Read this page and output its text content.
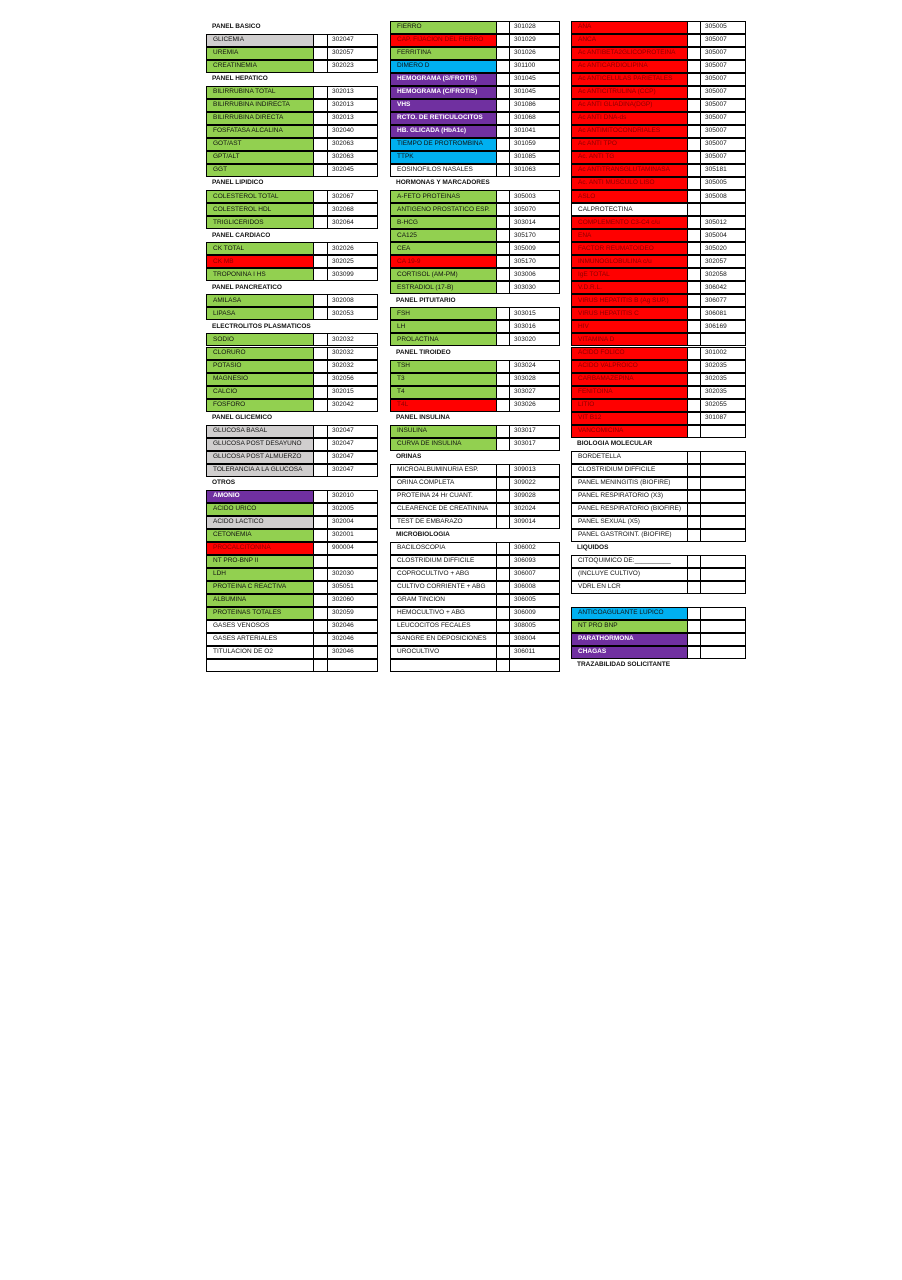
PANEL BASICO
GLICEMIA	302047
UREMIA	302057
CREATINEMIA	302023
PANEL HEPATICO
BILIRRUBINA TOTAL	302013
BILIRRUBINA INDIRECTA	302013
BILIRRUBINA DIRECTA	302013
FOSFATASA ALCALINA	302040
GOT/AST	302063
GPT/ALT	302063
GGT	302045
PANEL LIPIDICO
COLESTEROL TOTAL	302067
COLESTEROL HDL	302068
TRIGLICERIDOS	302064
PANEL CARDIACO
CK TOTAL	302026
CK MB	302025
TROPONINA I HS	303099
PANEL PANCREATICO
AMILASA	302008
LIPASA	302053
ELECTROLITOS PLASMATICOS
SODIO	302032
CLORURO	302032
POTASIO	302032
MAGNESIO	302056
CALCIO	302015
FOSFORO	302042
PANEL GLICEMICO
GLUCOSA BASAL	302047
GLUCOSA POST DESAYUNO	302047
GLUCOSA POST ALMUERZO	302047
TOLERANCIA A LA GLUCOSA	302047
OTROS
AMONIO	302010
ACIDO URICO	302005
ACIDO LACTICO	302004
CETONEMIA	302001
PROCALCITONINA	900004
NT PRO-BNP II
LDH	302030
PROTEINA C REACTIVA	305051
ALBUMINA	302060
PROTEINAS TOTALES	302059
GASES VENOSOS	302046
GASES ARTERIALES	302046
TITULACION DE O2	302046
FIERRO	301028
CAP. FIJACION DEL FIERRO	301029
FERRITINA	301026
DIMERO D	301100
HEMOGRAMA (S/FROTIS)	301045
HEMOGRAMA (C/FROTIS)	301045
VHS	301086
RCTO. DE RETICULOCITOS	301068
HB. GLICADA (HbA1c)	301041
TIEMPO DE PROTROMBINA	301059
TTPK	301085
EOSINOFILOS NASALES	301063
HORMONAS Y MARCADORES
A-FETO PROTEINAS	305003
ANTIGENO PROSTATICO ESP.	305070
B-HCG	303014
CA125	305170
CEA	305009
CA 19-9	305170
CORTISOL (AM-PM)	303006
ESTRADIOL (17-B)	303030
PANEL PITUITARIO
FSH	303015
LH	303016
PROLACTINA	303020
PANEL TIROIDEO
TSH	303024
T3	303028
T4	303027
T4L	303026
PANEL INSULINA
INSULINA	303017
CURVA DE INSULINA	303017
ORINAS
MICROALBUMINURIA ESP.	309013
ORINA COMPLETA	309022
PROTEINA 24 Hr CUANT.	309028
CLEARENCE DE CREATININA	302024
TEST DE EMBARAZO	309014
MICROBIOLOGIA
BACILOSCOPIA	306002
CLOSTRIDIUM DIFFICILE	306093
COPROCULTIVO + ABG	306007
CULTIVO CORRIENTE + ABG	306008
GRAM TINCION	306005
HEMOCULTIVO + ABG	306009
LEUCOCITOS FECALES	308005
SANGRE EN DEPOSICIONES	308004
UROCULTIVO	306011
ANA	305005
ANCA	305007
Ac ANTIBETA2GLICOPROTEINA	305007
Ac ANTICARDIOLIPINA	305007
Ac ANTICELULAS PARIETALES	305007
Ac ANTICITRULINA (CCP)	305007
Ac ANTI GLIADINA(DGP)	305007
Ac ANTI DNA-ds	305007
Ac ANTIMITOCONDRIALES	305007
Ac ANTI TPO	305007
Ac. ANTI TG	305007
Ac ANTITRANSGLUTAMINASA	305181
Ac. ANTI MUSCULO LISO	305005
ASLO	305008
CALPROTECTINA
COMPLEMENTO C3-C4 c/u	305012
ENA	305004
FACTOR REUMATOIDEO	305020
INMUNOGLOBULINA c/u	302057
IgE TOTAL	302058
V.D.R.L.	306042
VIRUS HEPATITIS B (Ag SUP.)	306077
VIRUS HEPATITIS C	306081
HIV	306169
VITAMINA D
ACIDO FOLICO	301002
ACIDO VALPROICO	302035
CARBAMAZEPINA	302035
FENITOINA	302035
LITIO	302055
VIT B12	301087
VANCOMICINA
BIOLOGIA MOLECULAR
BORDETELLA
CLOSTRIDIUM DIFFICILE
PANEL MENINGITIS (BIOFIRE)
PANEL RESPIRATORIO (X3)
PANEL RESPIRATORIO (BIOFIRE)
PANEL SEXUAL (X5)
PANEL GASTROINT. (BIOFIRE)
LIQUIDOS
CITOQUIMICO DE:__________
(INCLUYE CULTIVO)
VDRL EN LCR
ANTICOAGULANTE LUPICO
NT PRO BNP
PARATHORMONA
CHAGAS
TRAZABILIDAD SOLICITANTE
